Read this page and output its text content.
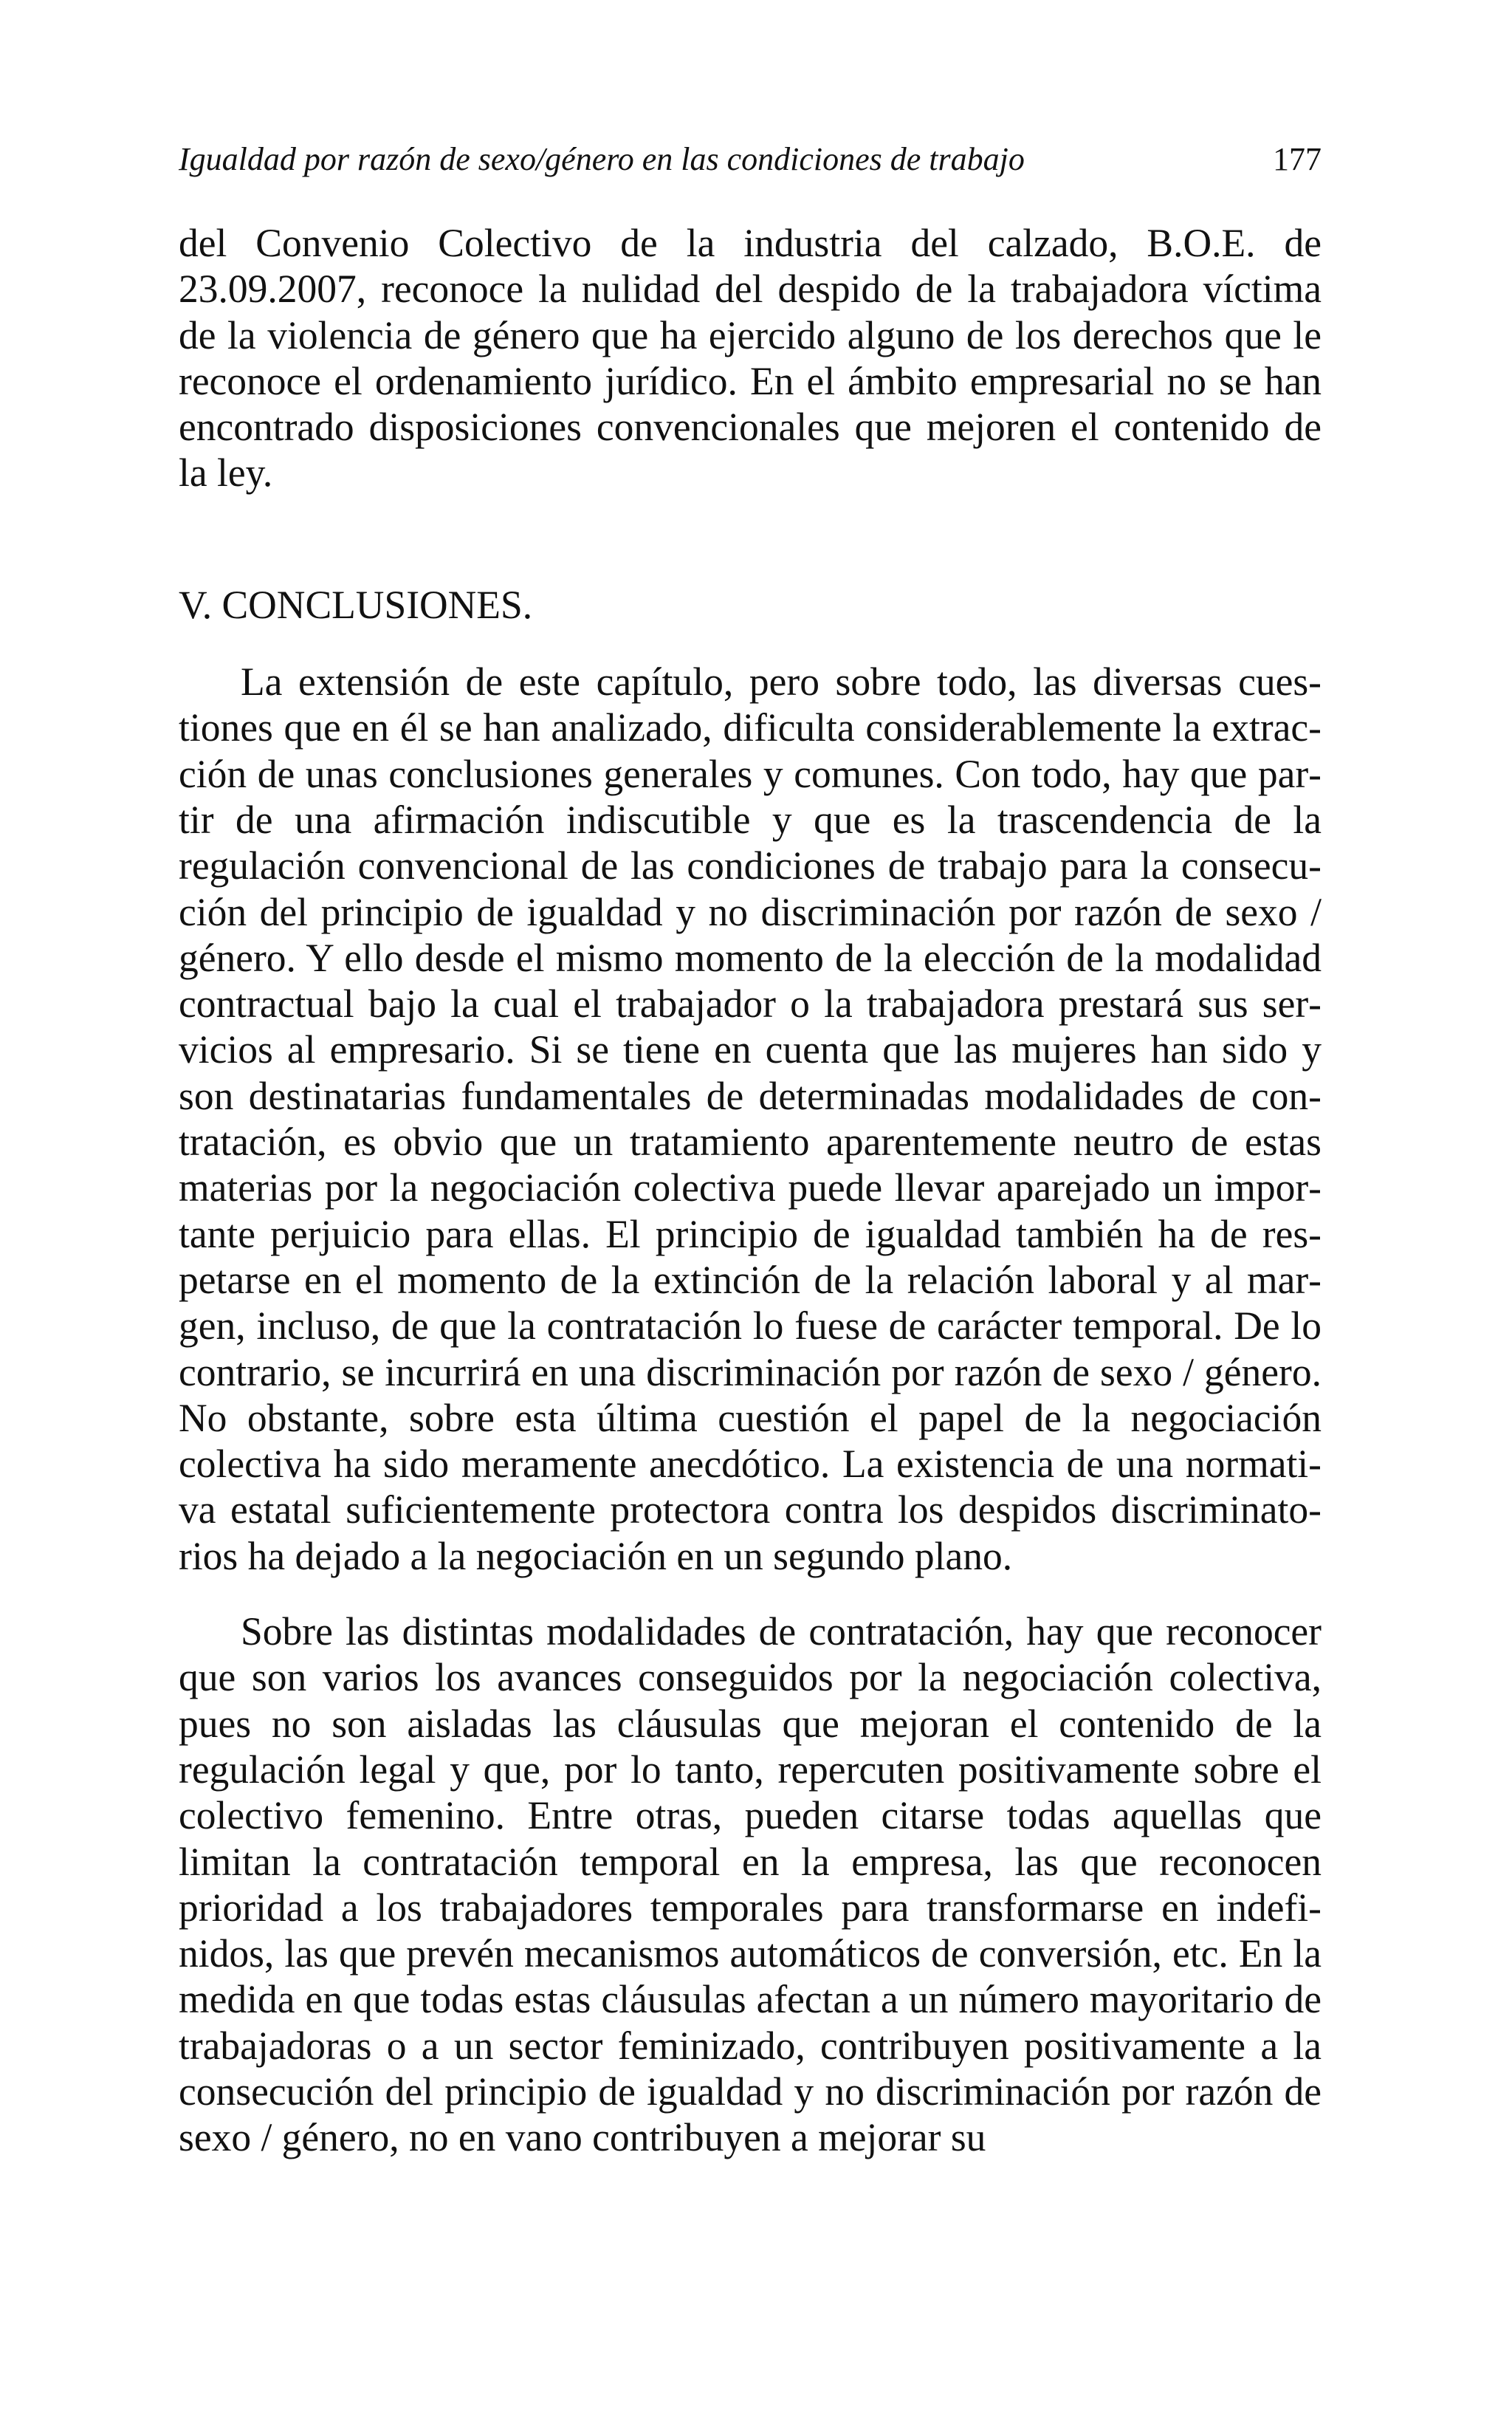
Igualdad por razón de sexo/género en las condiciones de trabajo	177

del Convenio Colectivo de la industria del calzado, B.O.E. de 23.09.2007, reconoce la nulidad del despido de la trabajadora víctima de la violencia de género que ha ejercido alguno de los derechos que le reconoce el ordenamiento jurídico. En el ámbito empresarial no se han encontrado disposiciones convencionales que mejoren el contenido de la ley.

V. CONCLUSIONES.

La extensión de este capítulo, pero sobre todo, las diversas cuestiones que en él se han analizado, dificulta considerablemente la extracción de unas conclusiones generales y comunes. Con todo, hay que partir de una afirmación indiscutible y que es la trascendencia de la regulación convencional de las condiciones de trabajo para la consecución del principio de igualdad y no discriminación por razón de sexo / género. Y ello desde el mismo momento de la elección de la modalidad contractual bajo la cual el trabajador o la trabajadora prestará sus servicios al empresario. Si se tiene en cuenta que las mujeres han sido y son destinatarias fundamentales de determinadas modalidades de contratación, es obvio que un tratamiento aparentemente neutro de estas materias por la negociación colectiva puede llevar aparejado un importante perjuicio para ellas. El principio de igualdad también ha de respetarse en el momento de la extinción de la relación laboral y al margen, incluso, de que la contratación lo fuese de carácter temporal. De lo contrario, se incurrirá en una discriminación por razón de sexo / género. No obstante, sobre esta última cuestión el papel de la negociación colectiva ha sido meramente anecdótico. La existencia de una normativa estatal suficientemente protectora contra los despidos discriminatorios ha dejado a la negociación en un segundo plano.

Sobre las distintas modalidades de contratación, hay que reconocer que son varios los avances conseguidos por la negociación colectiva, pues no son aisladas las cláusulas que mejoran el contenido de la regulación legal y que, por lo tanto, repercuten positivamente sobre el colectivo femenino. Entre otras, pueden citarse todas aquellas que limitan la contratación temporal en la empresa, las que reconocen prioridad a los trabajadores temporales para transformarse en indefinidos, las que prevén mecanismos automáticos de conversión, etc. En la medida en que todas estas cláusulas afectan a un número mayoritario de trabajadoras o a un sector feminizado, contribuyen positivamente a la consecución del principio de igualdad y no discriminación por razón de sexo / género, no en vano contribuyen a mejorar su
